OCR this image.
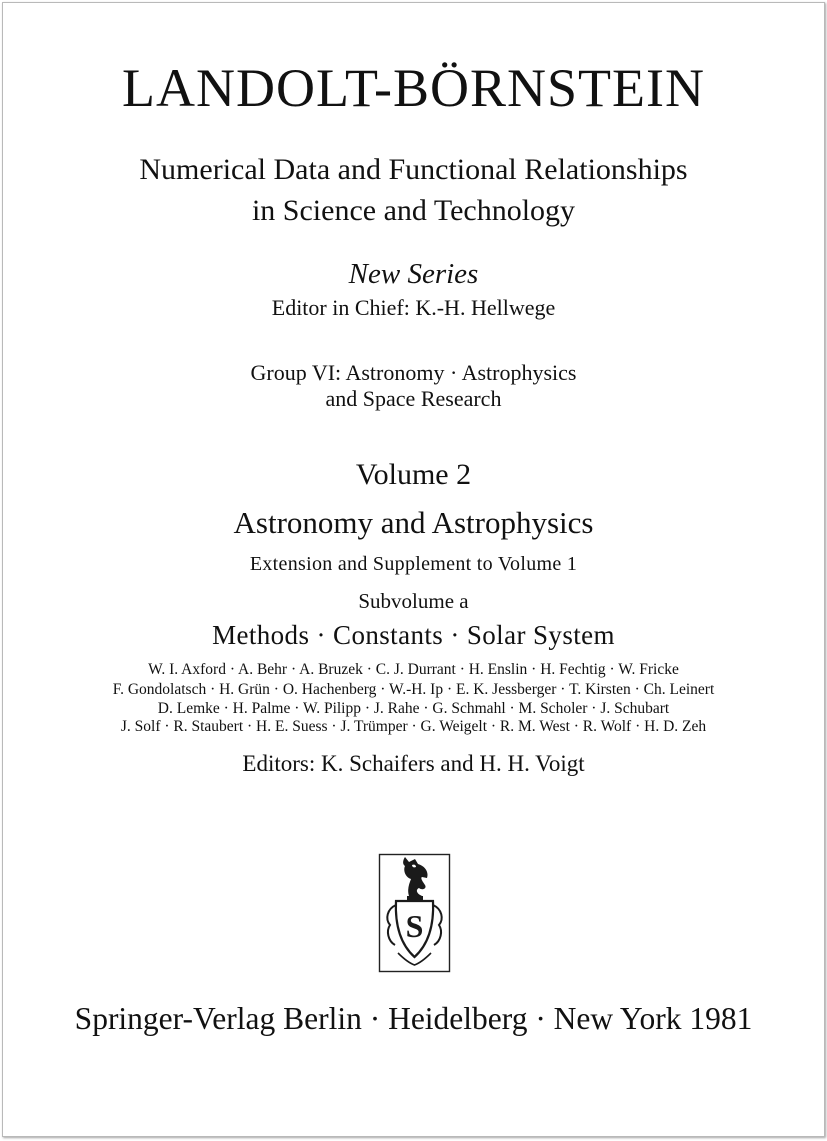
LANDOLT-BÖRNSTEIN
Numerical Data and Functional Relationships
in Science and Technology
New Series
Editor in Chief: K.-H. Hellwege
Group VI: Astronomy · Astrophysics
and Space Research
Volume 2
Astronomy and Astrophysics
Extension and Supplement to Volume 1
Subvolume a
Methods · Constants · Solar System
W. I. Axford · A. Behr · A. Bruzek · C. J. Durrant · H. Enslin · H. Fechtig · W. Fricke
F. Gondolatsch · H. Grün · O. Hachenberg · W.-H. Ip · E. K. Jessberger · T. Kirsten · Ch. Leinert
D. Lemke · H. Palme · W. Pilipp · J. Rahe · G. Schmahl · M. Scholer · J. Schubart
J. Solf · R. Staubert · H. E. Suess · J. Trümper · G. Weigelt · R. M. West · R. Wolf · H. D. Zeh
Editors: K. Schaifers and H. H. Voigt
S
Springer-Verlag Berlin · Heidelberg · New York 1981
